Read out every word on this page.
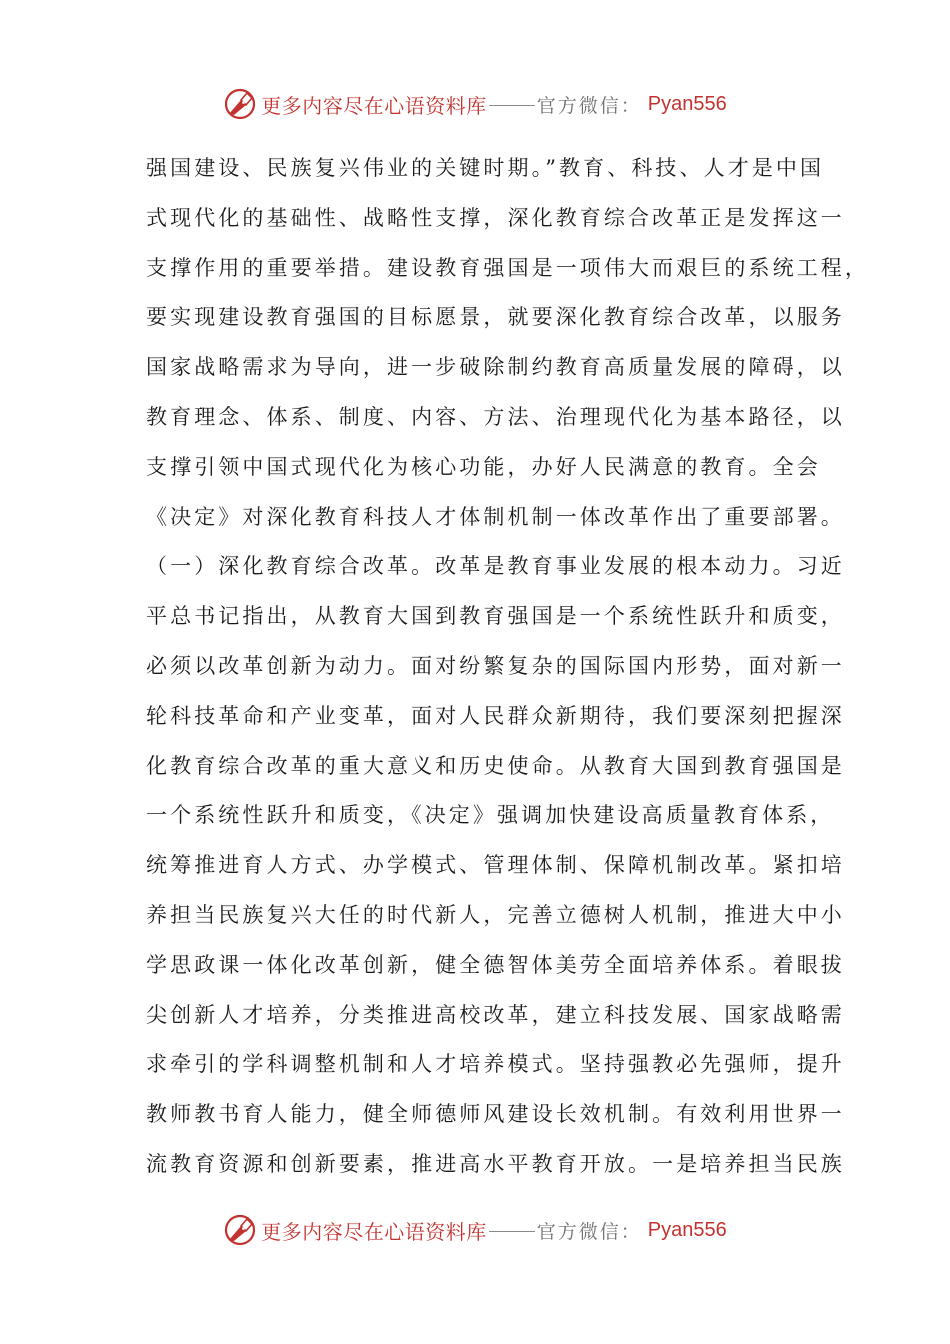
更多内容尽在心语资料库	官方微信： Pyan556
强国建设、民族复兴伟业的关键时期。”教育、科技、人才是中国
式现代化的基础性、战略性支撑，深化教育综合改革正是发挥这一
支撑作用的重要举措。建设教育强国是一项伟大而艰巨的系统工程，
要实现建设教育强国的目标愿景，就要深化教育综合改革，以服务
国家战略需求为导向，进一步破除制约教育高质量发展的障碍，以
教育理念、体系、制度、内容、方法、治理现代化为基本路径，以
支撑引领中国式现代化为核心功能，办好人民满意的教育。全会
《决定》对深化教育科技人才体制机制一体改革作出了重要部署。
（一）深化教育综合改革。改革是教育事业发展的根本动力。习近
平总书记指出，从教育大国到教育强国是一个系统性跃升和质变，
必须以改革创新为动力。面对纷繁复杂的国际国内形势，面对新一
轮科技革命和产业变革，面对人民群众新期待，我们要深刻把握深
化教育综合改革的重大意义和历史使命。从教育大国到教育强国是
一个系统性跃升和质变，《决定》强调加快建设高质量教育体系，
统筹推进育人方式、办学模式、管理体制、保障机制改革。紧扣培
养担当民族复兴大任的时代新人，完善立德树人机制，推进大中小
学思政课一体化改革创新，健全德智体美劳全面培养体系。着眼拔
尖创新人才培养，分类推进高校改革，建立科技发展、国家战略需
求牵引的学科调整机制和人才培养模式。坚持强教必先强师，提升
教师教书育人能力，健全师德师风建设长效机制。有效利用世界一
流教育资源和创新要素，推进高水平教育开放。一是培养担当民族
更多内容尽在心语资料库	官方微信： Pyan556
